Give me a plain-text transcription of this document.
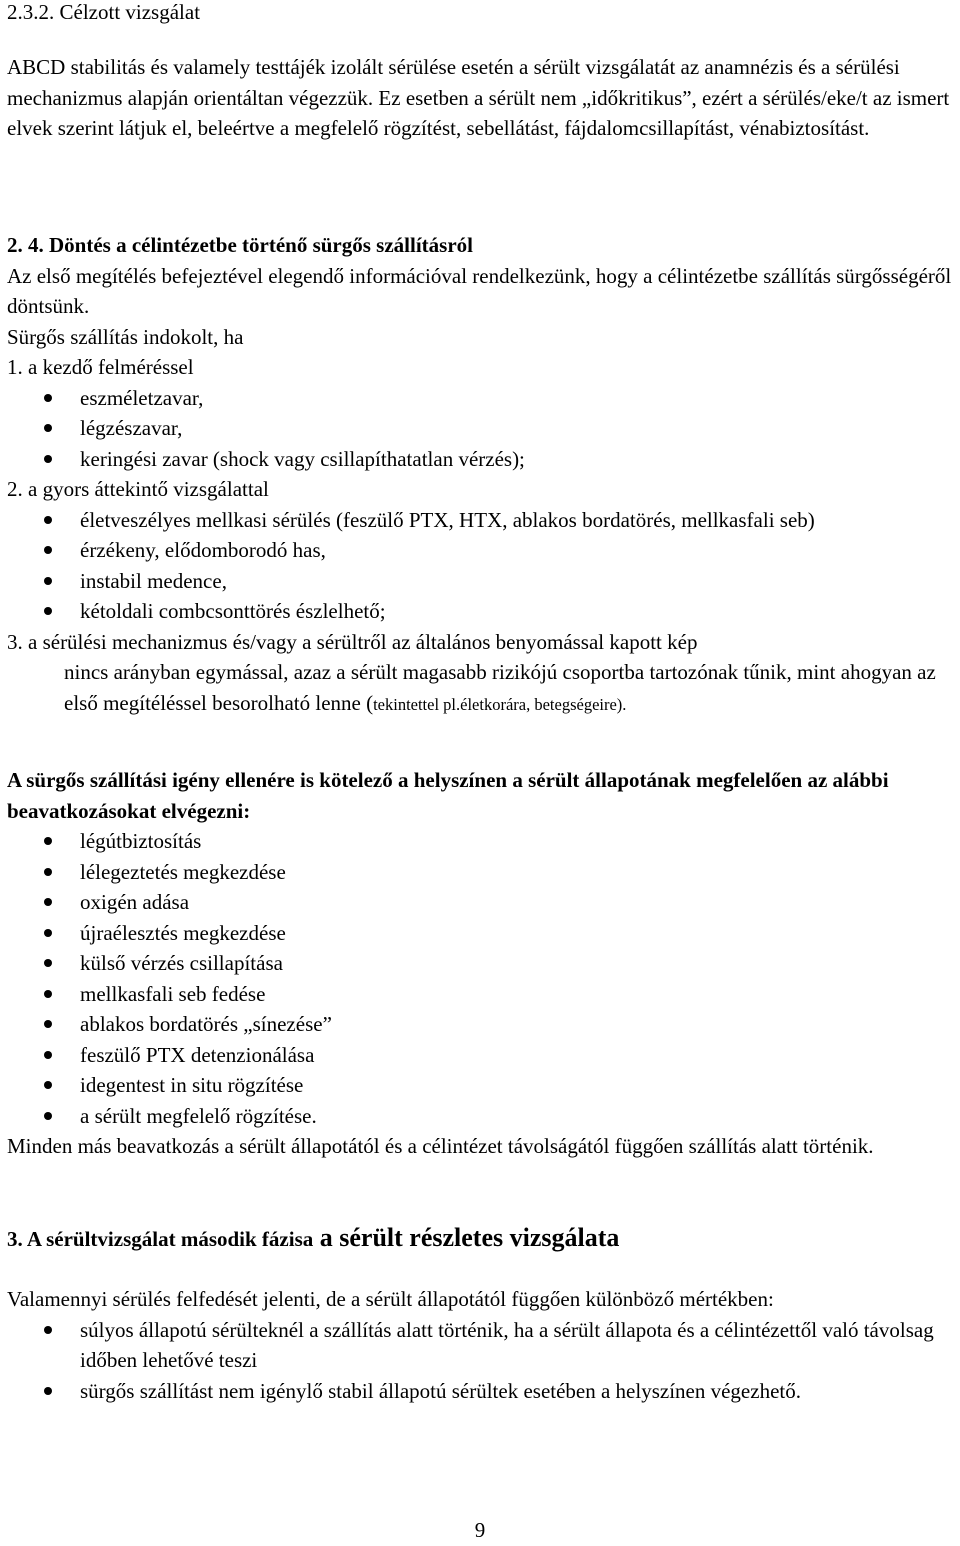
2.3.2. Célzott vizsgálat

ABCD stabilitás és valamely testtájék izolált sérülése esetén a sérült vizsgálatát az anamnézis és a sérülési mechanizmus alapján orientáltan végezzük. Ez esetben a sérült nem „időkritikus”, ezért a sérülés/eke/t az ismert elvek szerint látjuk el, beleértve a megfelelő rögzítést, sebellátást, fájdalomcsillapítást, vénabiztosítást.

2. 4. Döntés a célintézetbe történő sürgős szállításról

Az első megítélés befejeztével elegendő információval rendelkezünk, hogy a célintézetbe szállítás sürgősségéről döntsünk.

Sürgős szállítás indokolt, ha

1. a kezdő felméréssel

eszméletzavar,
légzészavar,
keringési zavar (shock vagy csillapíthatatlan vérzés);

2. a gyors áttekintő vizsgálattal

életveszélyes mellkasi sérülés (feszülő PTX, HTX, ablakos bordatörés, mellkasfali seb)
érzékeny, elődomborodó has,
instabil medence,
kétoldali combcsonttörés észlelhető;

3. a sérülési mechanizmus és/vagy a sérültről az általános benyomással kapott kép

nincs arányban egymással, azaz a sérült magasabb rizikójú csoportba tartozónak tűnik, mint ahogyan az első megítéléssel besorolható lenne (tekintettel pl.életkorára, betegségeire).

A sürgős szállítási igény ellenére is kötelező a helyszínen a sérült állapotának megfelelően az alábbi beavatkozásokat elvégezni:

légútbiztosítás
lélegeztetés megkezdése
oxigén adása
újraélesztés megkezdése
külső vérzés csillapítása
mellkasfali seb fedése
ablakos bordatörés „sínezése”
feszülő PTX detenzionálása
idegentest in situ rögzítése
a sérült megfelelő rögzítése.

Minden más beavatkozás a sérült állapotától és a célintézet távolságától függően szállítás alatt történik.

3. A sérültvizsgálat második fázisa a sérült részletes vizsgálata

Valamennyi sérülés felfedését jelenti, de a sérült állapotától függően különböző mértékben:

súlyos állapotú sérülteknél a szállítás alatt történik, ha a sérült állapota és a célintézettől való távolsag időben lehetővé teszi
sürgős szállítást nem igénylő stabil állapotú sérültek esetében a helyszínen végezhető.
9
